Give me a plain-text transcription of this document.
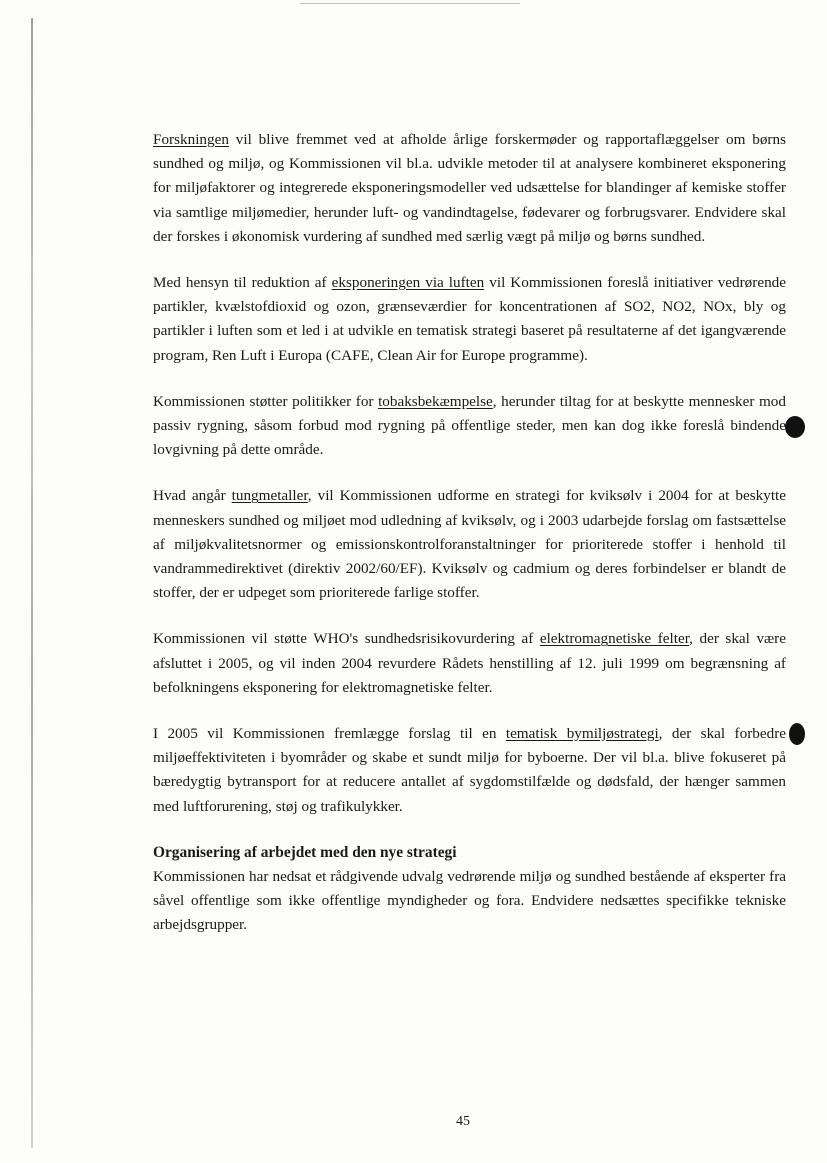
Forskningen vil blive fremmet ved at afholde årlige forskermøder og rapportaflæggelser om børns sundhed og miljø, og Kommissionen vil bl.a. udvikle metoder til at analysere kombineret eksponering for miljøfaktorer og integrerede eksponeringsmodeller ved udsættelse for blandinger af kemiske stoffer via samtlige miljømedier, herunder luft- og vandindtagelse, fødevarer og forbrugsvarer. Endvidere skal der forskes i økonomisk vurdering af sundhed med særlig vægt på miljø og børns sundhed.

Med hensyn til reduktion af eksponeringen via luften vil Kommissionen foreslå initiativer vedrørende partikler, kvælstofdioxid og ozon, grænseværdier for koncentrationen af SO2, NO2, NOx, bly og partikler i luften som et led i at udvikle en tematisk strategi baseret på resultaterne af det igangværende program, Ren Luft i Europa (CAFE, Clean Air for Europe programme).

Kommissionen støtter politikker for tobaksbekæmpelse, herunder tiltag for at beskytte mennesker mod passiv rygning, såsom forbud mod rygning på offentlige steder, men kan dog ikke foreslå bindende lovgivning på dette område.

Hvad angår tungmetaller, vil Kommissionen udforme en strategi for kviksølv i 2004 for at beskytte menneskers sundhed og miljøet mod udledning af kviksølv, og i 2003 udarbejde forslag om fastsættelse af miljøkvalitetsnormer og emissionskontrolforanstaltninger for prioriterede stoffer i henhold til vandrammedirektivet (direktiv 2002/60/EF). Kviksølv og cadmium og deres forbindelser er blandt de stoffer, der er udpeget som prioriterede farlige stoffer.

Kommissionen vil støtte WHO's sundhedsrisikovurdering af elektromagnetiske felter, der skal være afsluttet i 2005, og vil inden 2004 revurdere Rådets henstilling af 12. juli 1999 om begrænsning af befolkningens eksponering for elektromagnetiske felter.

I 2005 vil Kommissionen fremlægge forslag til en tematisk bymiljøstrategi, der skal forbedre miljøeffektiviteten i byområder og skabe et sundt miljø for byboerne. Der vil bl.a. blive fokuseret på bæredygtig bytransport for at reducere antallet af sygdomstilfælde og dødsfald, der hænger sammen med luftforurening, støj og trafikulykker.

Organisering af arbejdet med den nye strategi

Kommissionen har nedsat et rådgivende udvalg vedrørende miljø og sundhed bestående af eksperter fra såvel offentlige som ikke offentlige myndigheder og fora. Endvidere nedsættes specifikke tekniske arbejdsgrupper.

45
